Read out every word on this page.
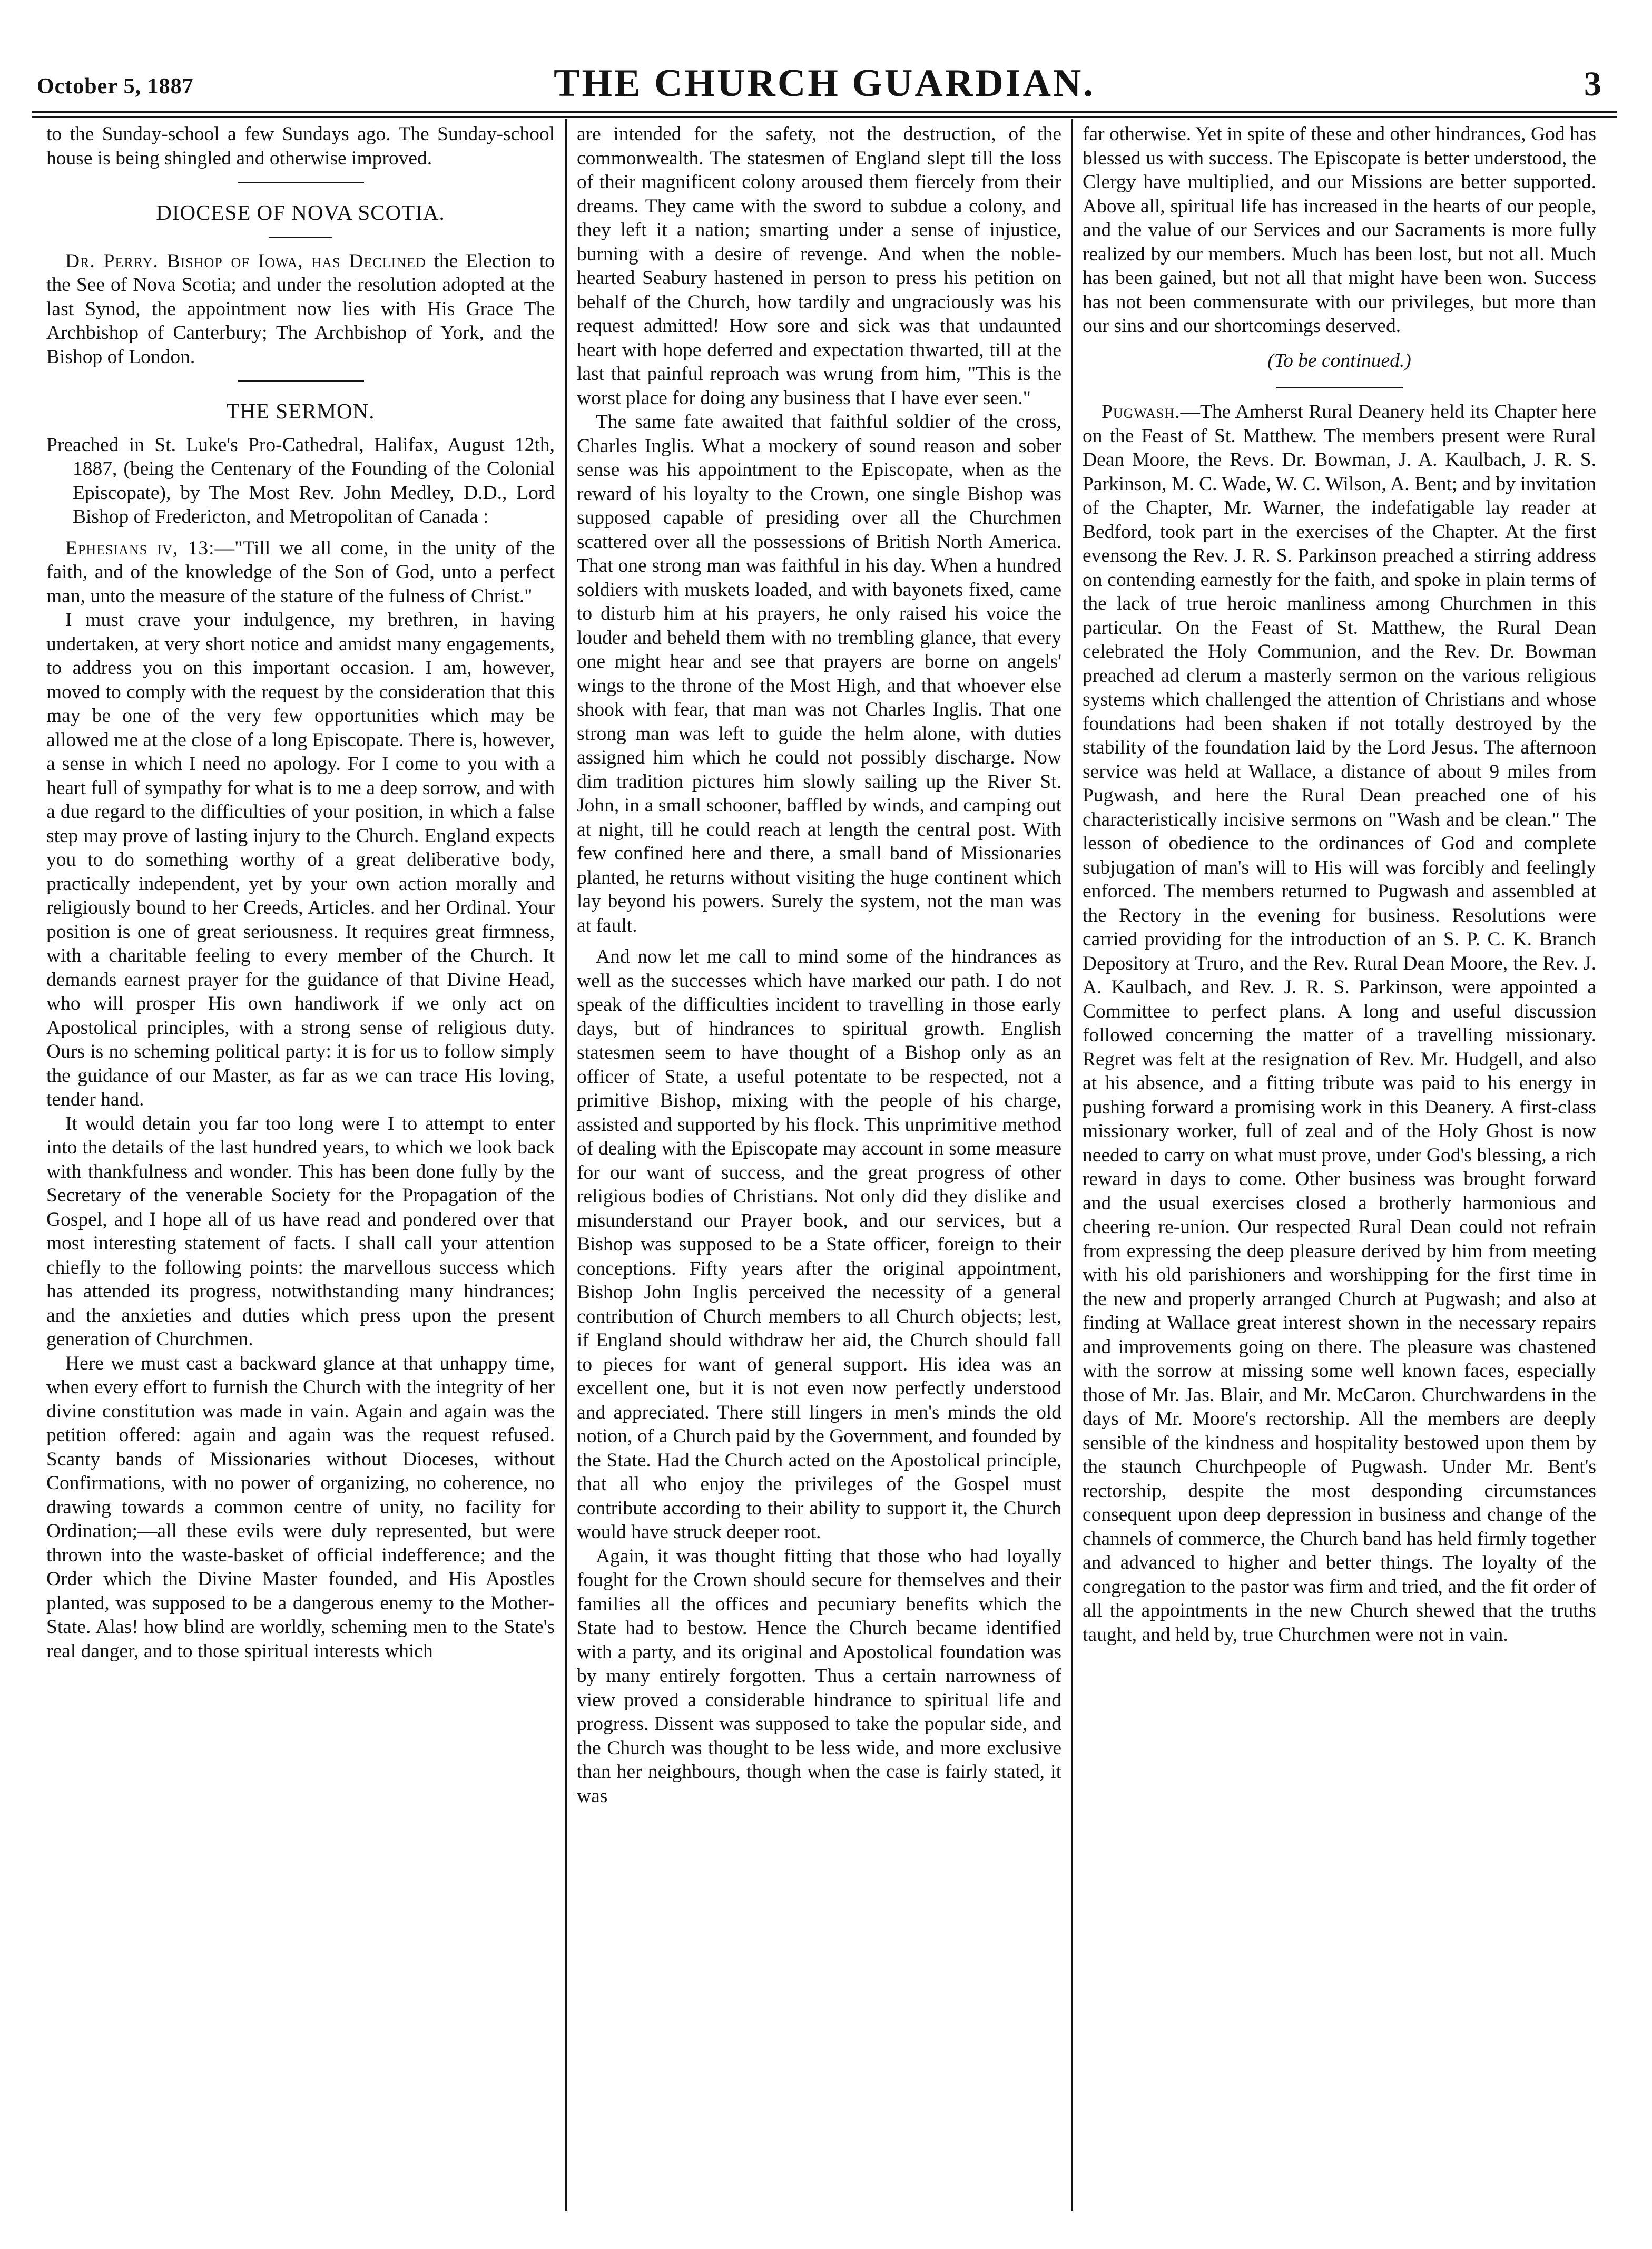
October 5, 1887	THE CHURCH GUARDIAN.	3

to the Sunday-school a few Sundays ago. The Sunday-school house is being shingled and otherwise improved.

DIOCESE OF NOVA SCOTIA.

Dr. Perry. Bishop of Iowa, has Declined the Election to the See of Nova Scotia; and under the resolution adopted at the last Synod, the appointment now lies with His Grace The Archbishop of Canterbury; The Archbishop of York, and the Bishop of London.

THE SERMON.

Preached in St. Luke's Pro-Cathedral, Halifax, August 12th, 1887, (being the Centenary of the Founding of the Colonial Episcopate), by The Most Rev. John Medley, D.D., Lord Bishop of Fredericton, and Metropolitan of Canada :

Ephesians iv, 13:—"Till we all come, in the unity of the faith, and of the knowledge of the Son of God, unto a perfect man, unto the measure of the stature of the fulness of Christ."

I must crave your indulgence, my brethren, in having undertaken, at very short notice and amidst many engagements, to address you on this important occasion. I am, however, moved to comply with the request by the consideration that this may be one of the very few opportunities which may be allowed me at the close of a long Episcopate. There is, however, a sense in which I need no apology. For I come to you with a heart full of sympathy for what is to me a deep sorrow, and with a due regard to the difficulties of your position, in which a false step may prove of lasting injury to the Church. England expects you to do something worthy of a great deliberative body, practically independent, yet by your own action morally and religiously bound to her Creeds, Articles. and her Ordinal. Your position is one of great seriousness. It requires great firmness, with a charitable feeling to every member of the Church. It demands earnest prayer for the guidance of that Divine Head, who will prosper His own handiwork if we only act on Apostolical principles, with a strong sense of religious duty. Ours is no scheming political party: it is for us to follow simply the guidance of our Master, as far as we can trace His loving, tender hand.

It would detain you far too long were I to attempt to enter into the details of the last hundred years, to which we look back with thankfulness and wonder. This has been done fully by the Secretary of the venerable Society for the Propagation of the Gospel, and I hope all of us have read and pondered over that most interesting statement of facts. I shall call your attention chiefly to the following points: the marvellous success which has attended its progress, notwithstanding many hindrances; and the anxieties and duties which press upon the present generation of Churchmen.

Here we must cast a backward glance at that unhappy time, when every effort to furnish the Church with the integrity of her divine constitution was made in vain. Again and again was the petition offered: again and again was the request refused. Scanty bands of Missionaries without Dioceses, without Confirmations, with no power of organizing, no coherence, no drawing towards a common centre of unity, no facility for Ordination;—all these evils were duly represented, but were thrown into the waste-basket of official indefference; and the Order which the Divine Master founded, and His Apostles planted, was supposed to be a dangerous enemy to the Mother-State. Alas! how blind are worldly, scheming men to the State's real danger, and to those spiritual interests which

are intended for the safety, not the destruction, of the commonwealth. The statesmen of England slept till the loss of their magnificent colony aroused them fiercely from their dreams. They came with the sword to subdue a colony, and they left it a nation; smarting under a sense of injustice, burning with a desire of revenge. And when the noble-hearted Seabury hastened in person to press his petition on behalf of the Church, how tardily and ungraciously was his request admitted! How sore and sick was that undaunted heart with hope deferred and expectation thwarted, till at the last that painful reproach was wrung from him, "This is the worst place for doing any business that I have ever seen."

The same fate awaited that faithful soldier of the cross, Charles Inglis. What a mockery of sound reason and sober sense was his appointment to the Episcopate, when as the reward of his loyalty to the Crown, one single Bishop was supposed capable of presiding over all the Churchmen scattered over all the possessions of British North America. That one strong man was faithful in his day. When a hundred soldiers with muskets loaded, and with bayonets fixed, came to disturb him at his prayers, he only raised his voice the louder and beheld them with no trembling glance, that every one might hear and see that prayers are borne on angels' wings to the throne of the Most High, and that whoever else shook with fear, that man was not Charles Inglis. That one strong man was left to guide the helm alone, with duties assigned him which he could not possibly discharge. Now dim tradition pictures him slowly sailing up the River St. John, in a small schooner, baffled by winds, and camping out at night, till he could reach at length the central post. With few confined here and there, a small band of Missionaries planted, he returns without visiting the huge continent which lay beyond his powers. Surely the system, not the man was at fault.

And now let me call to mind some of the hindrances as well as the successes which have marked our path. I do not speak of the difficulties incident to travelling in those early days, but of hindrances to spiritual growth. English statesmen seem to have thought of a Bishop only as an officer of State, a useful potentate to be respected, not a primitive Bishop, mixing with the people of his charge, assisted and supported by his flock. This unprimitive method of dealing with the Episcopate may account in some measure for our want of success, and the great progress of other religious bodies of Christians. Not only did they dislike and misunderstand our Prayer book, and our services, but a Bishop was supposed to be a State officer, foreign to their conceptions. Fifty years after the original appointment, Bishop John Inglis perceived the necessity of a general contribution of Church members to all Church objects; lest, if England should withdraw her aid, the Church should fall to pieces for want of general support. His idea was an excellent one, but it is not even now perfectly understood and appreciated. There still lingers in men's minds the old notion, of a Church paid by the Government, and founded by the State. Had the Church acted on the Apostolical principle, that all who enjoy the privileges of the Gospel must contribute according to their ability to support it, the Church would have struck deeper root.

Again, it was thought fitting that those who had loyally fought for the Crown should secure for themselves and their families all the offices and pecuniary benefits which the State had to bestow. Hence the Church became identified with a party, and its original and Apostolical foundation was by many entirely forgotten. Thus a certain narrowness of view proved a considerable hindrance to spiritual life and progress. Dissent was supposed to take the popular side, and the Church was thought to be less wide, and more exclusive than her neighbours, though when the case is fairly stated, it was

far otherwise. Yet in spite of these and other hindrances, God has blessed us with success. The Episcopate is better understood, the Clergy have multiplied, and our Missions are better supported. Above all, spiritual life has increased in the hearts of our people, and the value of our Services and our Sacraments is more fully realized by our members. Much has been lost, but not all. Much has been gained, but not all that might have been won. Success has not been commensurate with our privileges, but more than our sins and our shortcomings deserved.

(To be continued.)

Pugwash.—The Amherst Rural Deanery held its Chapter here on the Feast of St. Matthew. The members present were Rural Dean Moore, the Revs. Dr. Bowman, J. A. Kaulbach, J. R. S. Parkinson, M. C. Wade, W. C. Wilson, A. Bent; and by invitation of the Chapter, Mr. Warner, the indefatigable lay reader at Bedford, took part in the exercises of the Chapter. At the first evensong the Rev. J. R. S. Parkinson preached a stirring address on contending earnestly for the faith, and spoke in plain terms of the lack of true heroic manliness among Churchmen in this particular. On the Feast of St. Matthew, the Rural Dean celebrated the Holy Communion, and the Rev. Dr. Bowman preached ad clerum a masterly sermon on the various religious systems which challenged the attention of Christians and whose foundations had been shaken if not totally destroyed by the stability of the foundation laid by the Lord Jesus. The afternoon service was held at Wallace, a distance of about 9 miles from Pugwash, and here the Rural Dean preached one of his characteristically incisive sermons on "Wash and be clean." The lesson of obedience to the ordinances of God and complete subjugation of man's will to His will was forcibly and feelingly enforced. The members returned to Pugwash and assembled at the Rectory in the evening for business. Resolutions were carried providing for the introduction of an S. P. C. K. Branch Depository at Truro, and the Rev. Rural Dean Moore, the Rev. J. A. Kaulbach, and Rev. J. R. S. Parkinson, were appointed a Committee to perfect plans. A long and useful discussion followed concerning the matter of a travelling missionary. Regret was felt at the resignation of Rev. Mr. Hudgell, and also at his absence, and a fitting tribute was paid to his energy in pushing forward a promising work in this Deanery. A first-class missionary worker, full of zeal and of the Holy Ghost is now needed to carry on what must prove, under God's blessing, a rich reward in days to come. Other business was brought forward and the usual exercises closed a brotherly harmonious and cheering re-union. Our respected Rural Dean could not refrain from expressing the deep pleasure derived by him from meeting with his old parishioners and worshipping for the first time in the new and properly arranged Church at Pugwash; and also at finding at Wallace great interest shown in the necessary repairs and improvements going on there. The pleasure was chastened with the sorrow at missing some well known faces, especially those of Mr. Jas. Blair, and Mr. McCaron. Churchwardens in the days of Mr. Moore's rectorship. All the members are deeply sensible of the kindness and hospitality bestowed upon them by the staunch Churchpeople of Pugwash. Under Mr. Bent's rectorship, despite the most desponding circumstances consequent upon deep depression in business and change of the channels of commerce, the Church band has held firmly together and advanced to higher and better things. The loyalty of the congregation to the pastor was firm and tried, and the fit order of all the appointments in the new Church shewed that the truths taught, and held by, true Churchmen were not in vain.
